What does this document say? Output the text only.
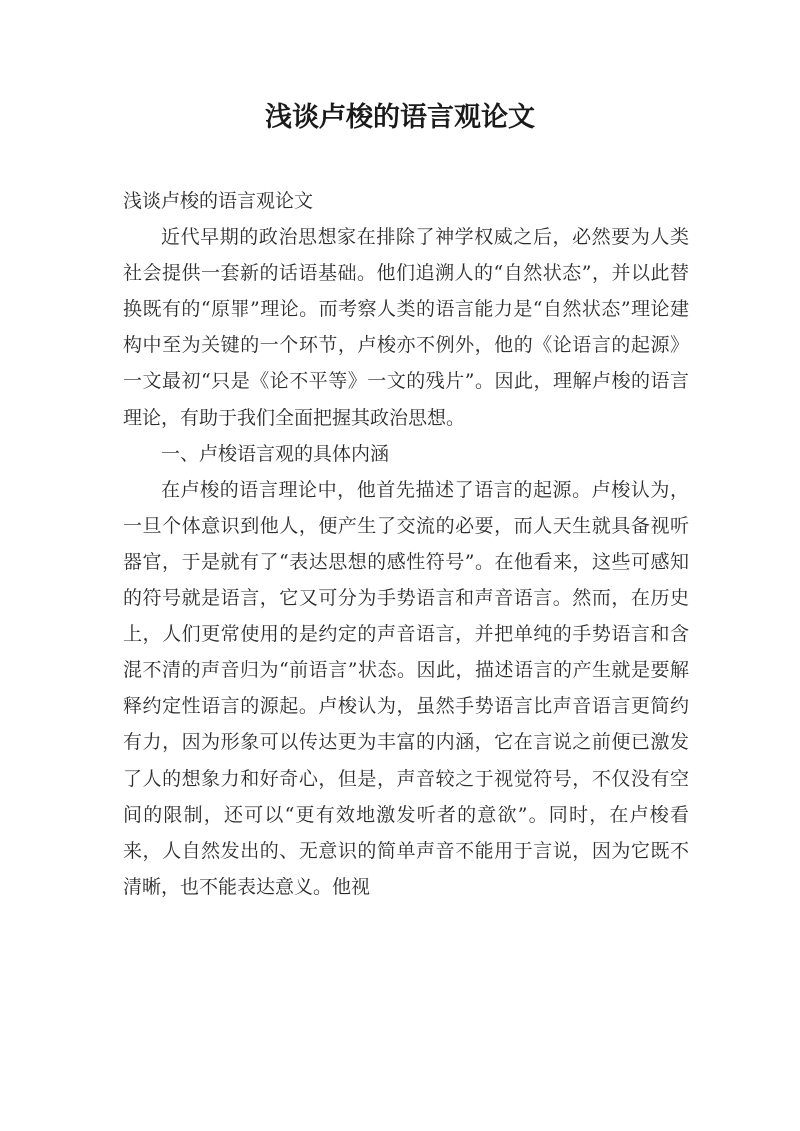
浅谈卢梭的语言观论文

浅谈卢梭的语言观论文

近代早期的政治思想家在排除了神学权威之后，必然要为人类社会提供一套新的话语基础。他们追溯人的“自然状态”，并以此替换既有的“原罪”理论。而考察人类的语言能力是“自然状态”理论建构中至为关键的一个环节，卢梭亦不例外，他的《论语言的起源》一文最初“只是《论不平等》一文的残片”。因此，理解卢梭的语言理论，有助于我们全面把握其政治思想。

一、卢梭语言观的具体内涵

在卢梭的语言理论中，他首先描述了语言的起源。卢梭认为，一旦个体意识到他人，便产生了交流的必要，而人天生就具备视听器官，于是就有了“表达思想的感性符号”。在他看来，这些可感知的符号就是语言，它又可分为手势语言和声音语言。然而，在历史上，人们更常使用的是约定的声音语言，并把单纯的手势语言和含混不清的声音归为“前语言”状态。因此，描述语言的产生就是要解释约定性语言的源起。卢梭认为，虽然手势语言比声音语言更简约有力，因为形象可以传达更为丰富的内涵，它在言说之前便已激发了人的想象力和好奇心，但是，声音较之于视觉符号，不仅没有空间的限制，还可以“更有效地激发听者的意欲”。同时，在卢梭看来，人自然发出的、无意识的简单声音不能用于言说，因为它既不清晰，也不能表达意义。他视
